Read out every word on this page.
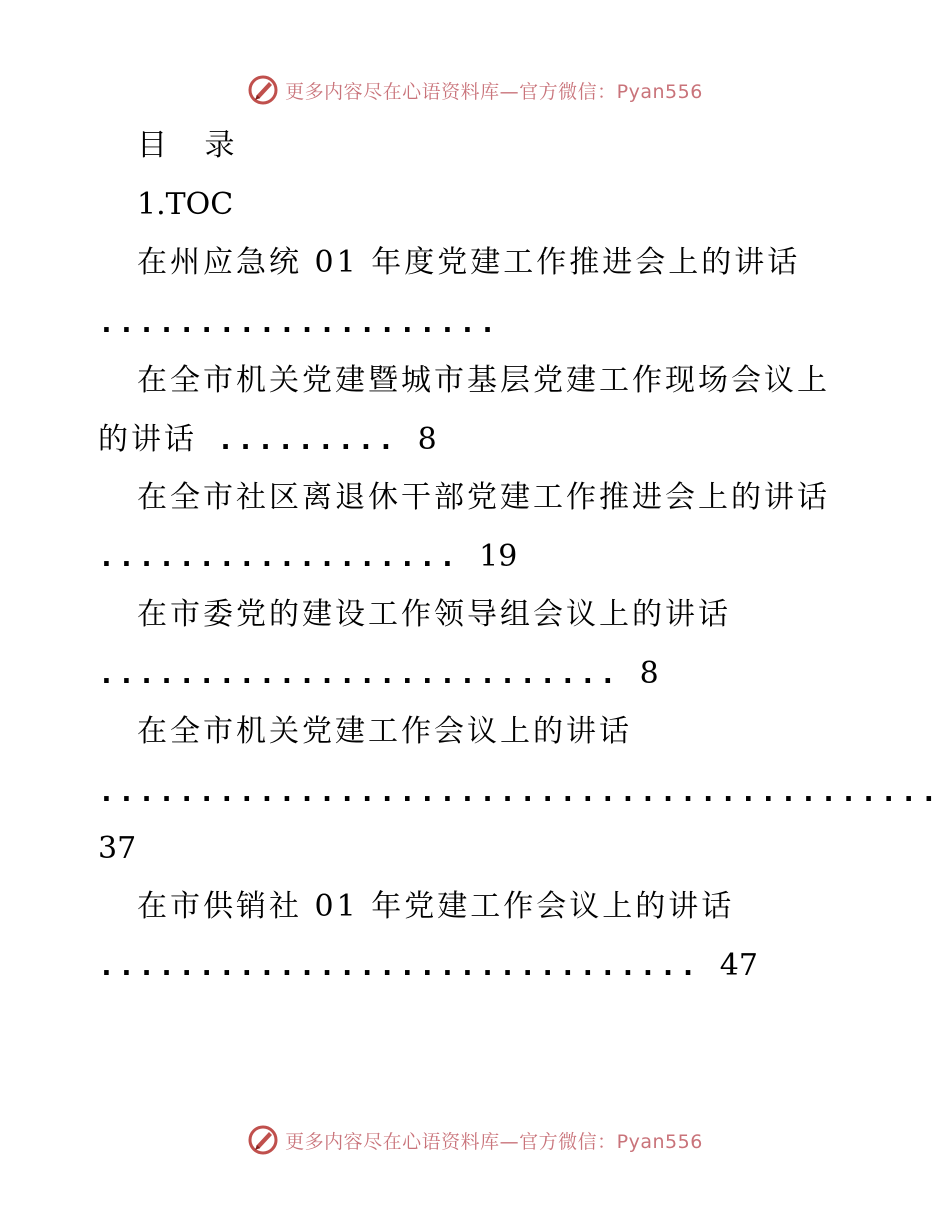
更多内容尽在心语资料库—官方微信：Pyan556
目 录
1.TOC
在州应急统 01 年度党建工作推进会上的讲话
....................
在全市机关党建暨城市基层党建工作现场会议上
的讲话 ......... 8
在全市社区离退休干部党建工作推进会上的讲话
.................. 19
在市委党的建设工作领导组会议上的讲话
.......................... 8
在全市机关党建工作会议上的讲话
..........................................
37
在市供销社 01 年党建工作会议上的讲话
.............................. 47
更多内容尽在心语资料库—官方微信：Pyan556
